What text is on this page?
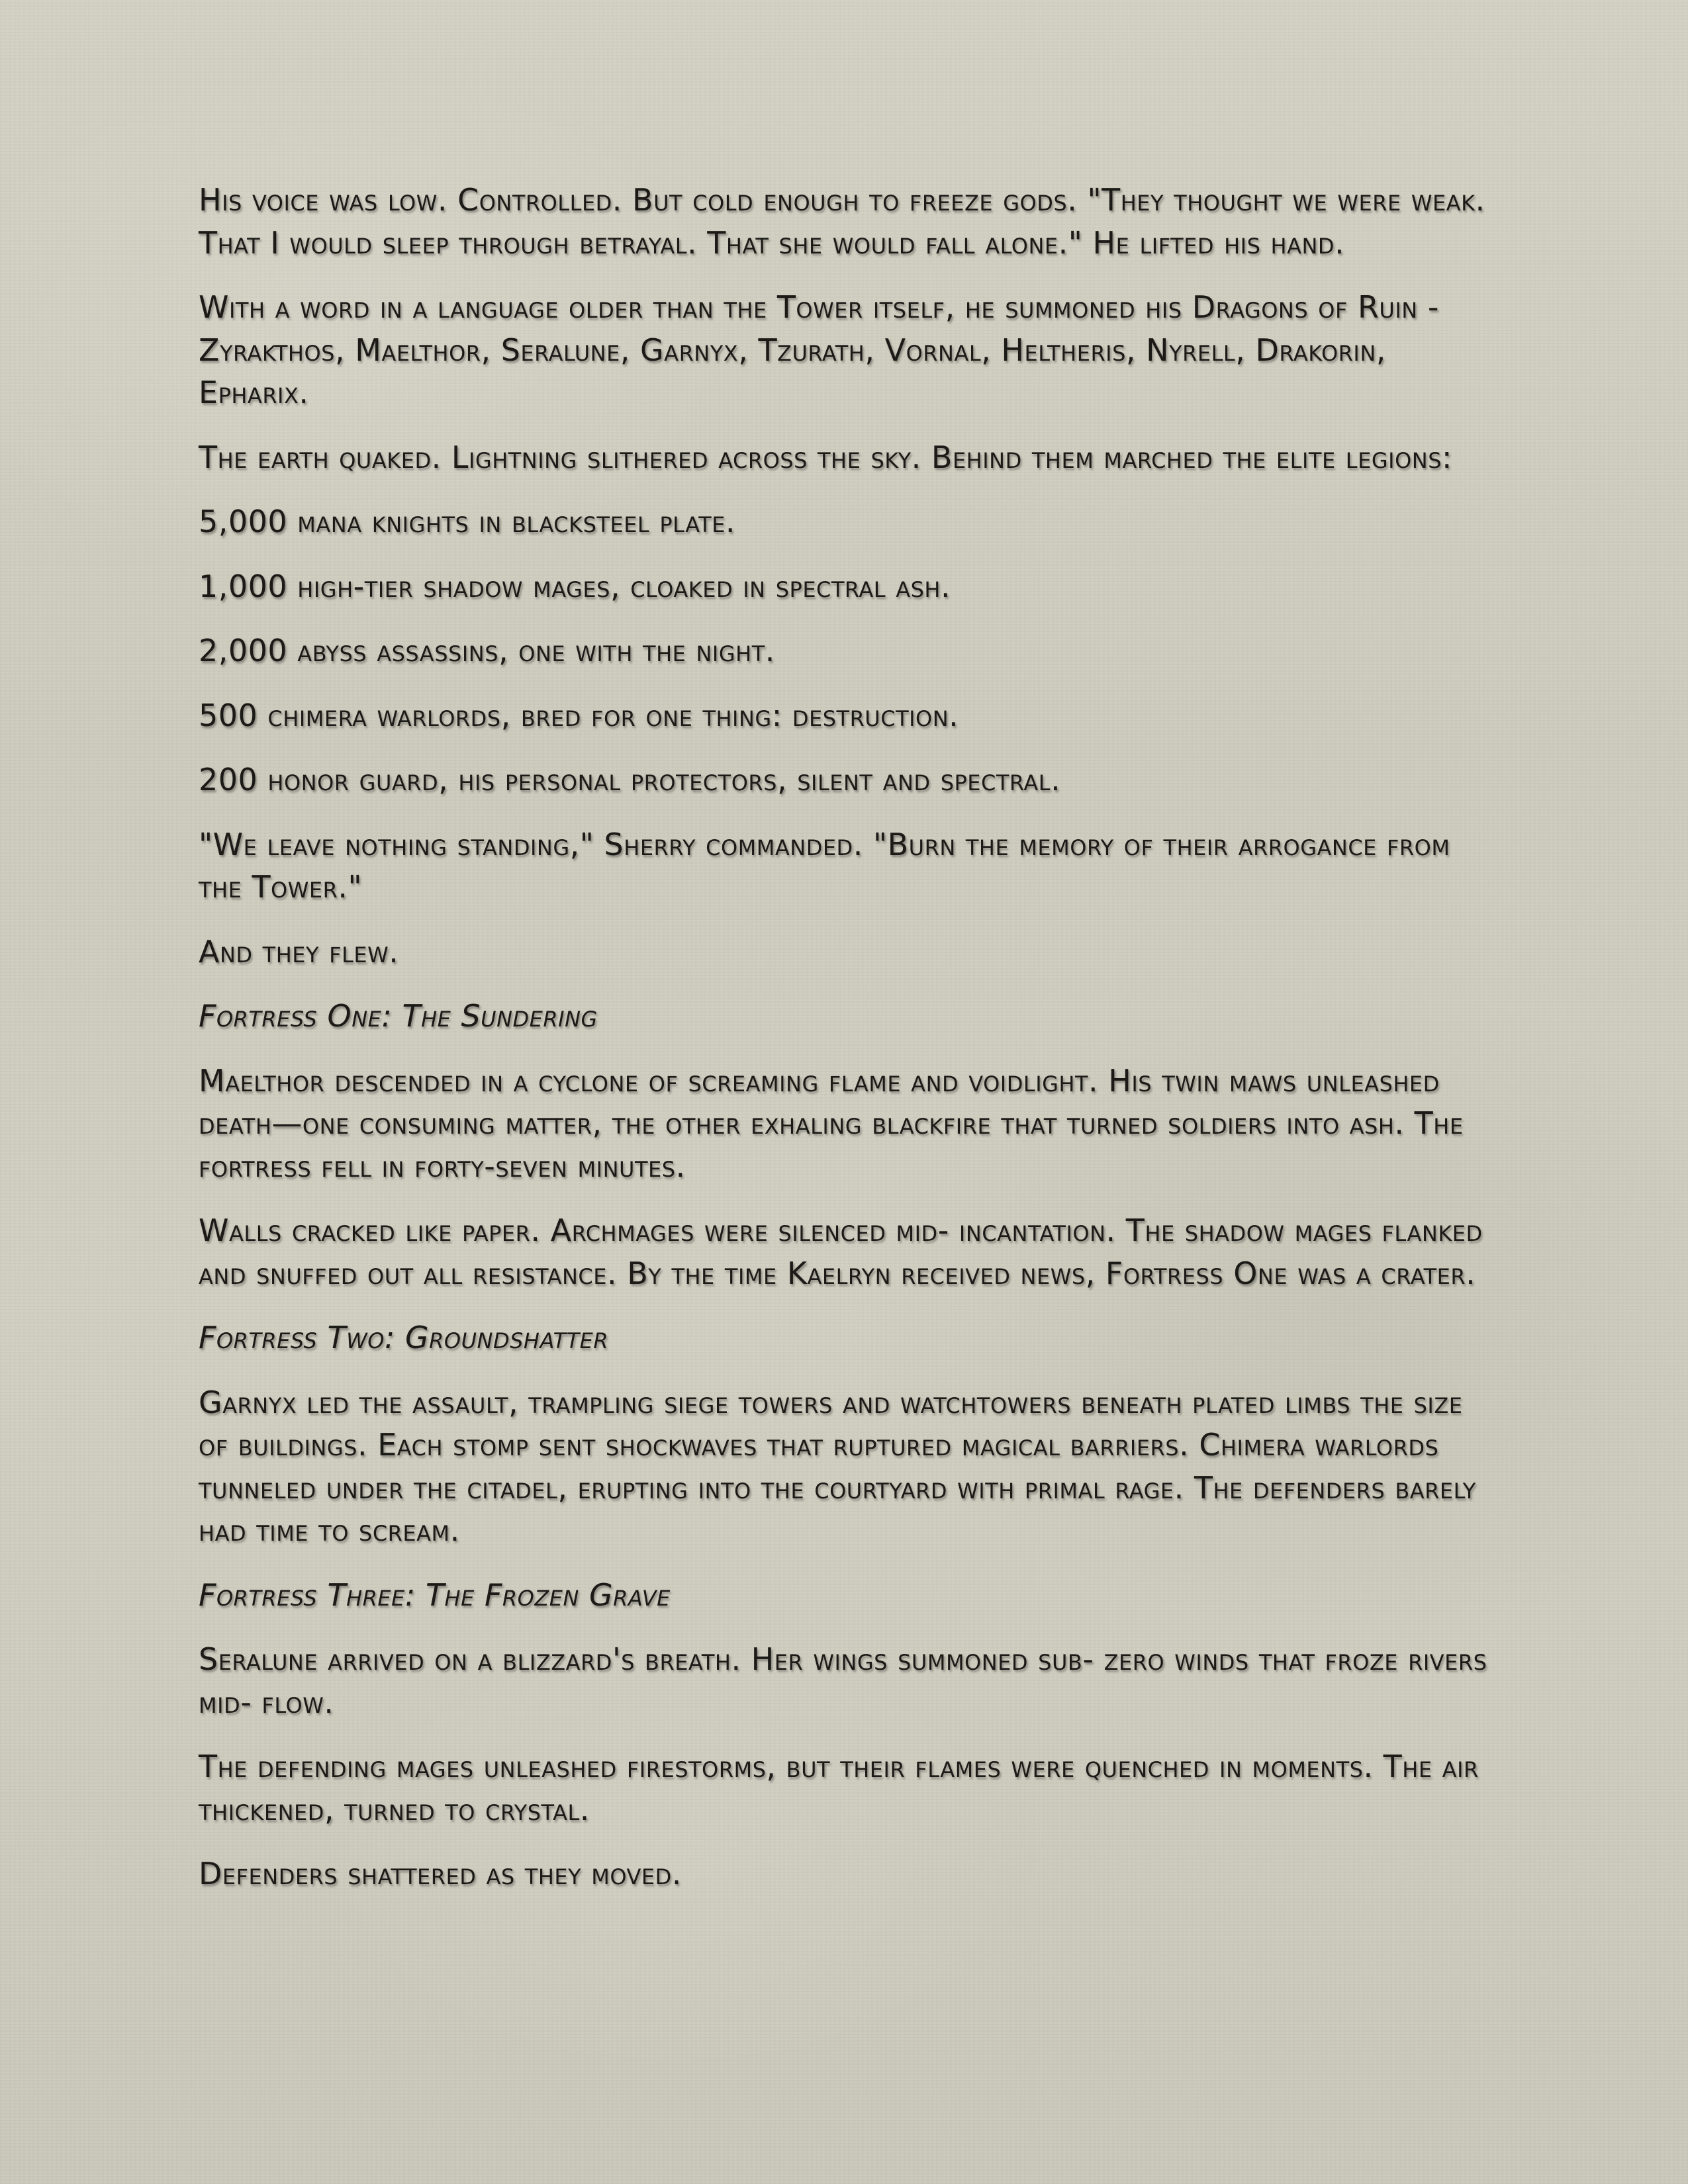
His voice was low. Controlled. But cold enough to freeze gods. "They thought we were weak. That I would sleep through betrayal. That she would fall alone." He lifted his hand.

With a word in a language older than the Tower itself, he summoned his Dragons of Ruin - Zyrakthos, Maelthor, Seralune, Garnyx, Tzurath, Vornal, Heltheris, Nyrell, Drakorin, Epharix.

The earth quaked. Lightning slithered across the sky. Behind them marched the elite legions:

5,000 mana knights in blacksteel plate.

1,000 high-tier shadow mages, cloaked in spectral ash.

2,000 abyss assassins, one with the night.

500 chimera warlords, bred for one thing: destruction.

200 honor guard, his personal protectors, silent and spectral.

"We leave nothing standing," Sherry commanded. "Burn the memory of their arrogance from the Tower."

And they flew.

Fortress One: The Sundering

Maelthor descended in a cyclone of screaming flame and voidlight. His twin maws unleashed death—one consuming matter, the other exhaling blackfire that turned soldiers into ash. The fortress fell in forty-seven minutes.

Walls cracked like paper. Archmages were silenced mid- incantation. The shadow mages flanked and snuffed out all resistance. By the time Kaelryn received news, Fortress One was a crater.

Fortress Two: Groundshatter

Garnyx led the assault, trampling siege towers and watchtowers beneath plated limbs the size of buildings. Each stomp sent shockwaves that ruptured magical barriers. Chimera warlords tunneled under the citadel, erupting into the courtyard with primal rage. The defenders barely had time to scream.

Fortress Three: The Frozen Grave

Seralune arrived on a blizzard's breath. Her wings summoned sub- zero winds that froze rivers mid- flow.

The defending mages unleashed firestorms, but their flames were quenched in moments. The air thickened, turned to crystal.

Defenders shattered as they moved.
